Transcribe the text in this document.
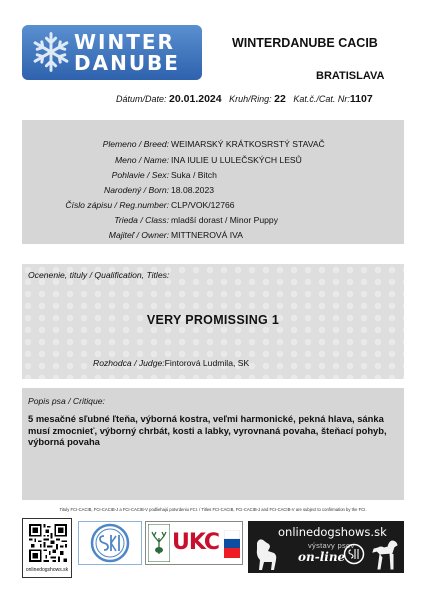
WINTER
DANUBE
WINTERDANUBE CACIB
BRATISLAVA
Dátum/Date: 20.01.2024 Kruh/Ring: 22 Kat.č./Cat. Nr:1107
Plemeno / Breed: WEIMARSKÝ KRÁTKOSRSTÝ STAVAČ
Meno / Name: INA IULIE U LULEČSKÝCH LESŮ
Pohlavie / Sex: Suka / Bitch
Narodený / Born: 18.08.2023
Číslo zápisu / Reg.number: CLP/VOK/12766
Trieda / Class: mladší dorast / Minor Puppy
Majiteľ / Owner: MITTNEROVÁ IVA
Ocenenie, tituly / Qualification, Titles:
VERY PROMISSING 1
Rozhodca / Judge:Fintorová Ludmila, SK
Popis psa / Critique:
5 mesačné sľubné ľteňa, výborná kostra, veľmi harmonické, pekná hlava, sánka musí zmocnieť, výborný chrbát, kosti a labky, vyrovnaná povaha, šteňací pohyb, výborná povaha
Tituly FCI-CACIB, FCI-CACIB-J a FCI-CACIB-V podliehajú potvrdeniu FCI. / Titles FCI-CACIB, FCI-CACIB-J and FCI-CACIB-V are subject to confirmation by the FCI.
onlinedogshows.sk
UKC	onlinedogshows.sk
výstavy psov
on-line
